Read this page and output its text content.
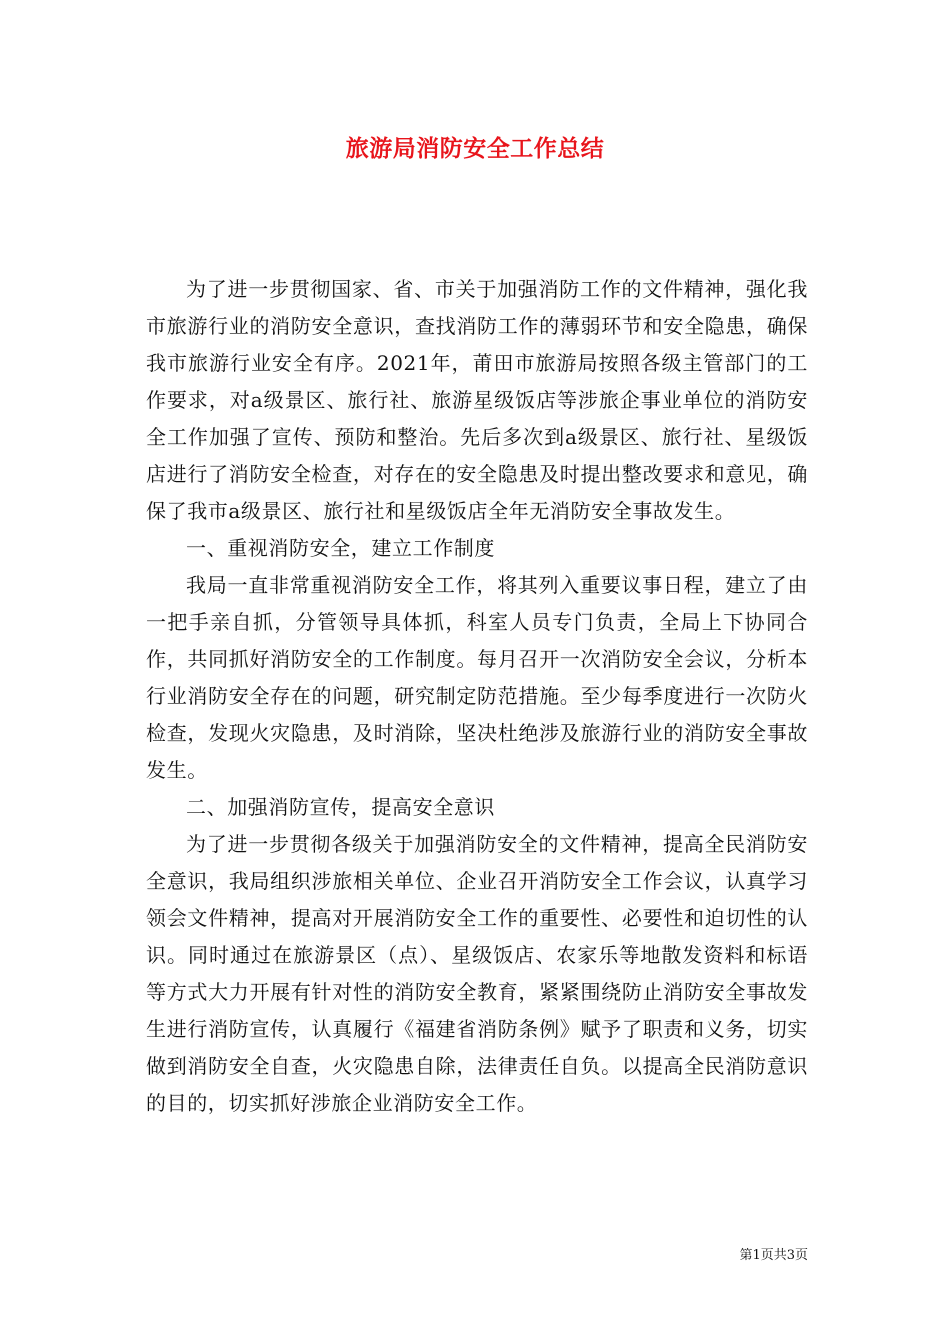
旅游局消防安全工作总结

为了进一步贯彻国家、省、市关于加强消防工作的文件精神，强化我市旅游行业的消防安全意识，查找消防工作的薄弱环节和安全隐患，确保我市旅游行业安全有序。2021年，莆田市旅游局按照各级主管部门的工作要求，对a级景区、旅行社、旅游星级饭店等涉旅企事业单位的消防安全工作加强了宣传、预防和整治。先后多次到a级景区、旅行社、星级饭店进行了消防安全检查，对存在的安全隐患及时提出整改要求和意见，确保了我市a级景区、旅行社和星级饭店全年无消防安全事故发生。

一、重视消防安全，建立工作制度

我局一直非常重视消防安全工作，将其列入重要议事日程，建立了由一把手亲自抓，分管领导具体抓，科室人员专门负责，全局上下协同合作，共同抓好消防安全的工作制度。每月召开一次消防安全会议，分析本行业消防安全存在的问题，研究制定防范措施。至少每季度进行一次防火检查，发现火灾隐患，及时消除，坚决杜绝涉及旅游行业的消防安全事故发生。

二、加强消防宣传，提高安全意识

为了进一步贯彻各级关于加强消防安全的文件精神，提高全民消防安全意识，我局组织涉旅相关单位、企业召开消防安全工作会议，认真学习领会文件精神，提高对开展消防安全工作的重要性、必要性和迫切性的认识。同时通过在旅游景区（点）、星级饭店、农家乐等地散发资料和标语等方式大力开展有针对性的消防安全教育，紧紧围绕防止消防安全事故发生进行消防宣传，认真履行《福建省消防条例》赋予了职责和义务，切实做到消防安全自查，火灾隐患自除，法律责任自负。以提高全民消防意识的目的，切实抓好涉旅企业消防安全工作。

第1页共3页
